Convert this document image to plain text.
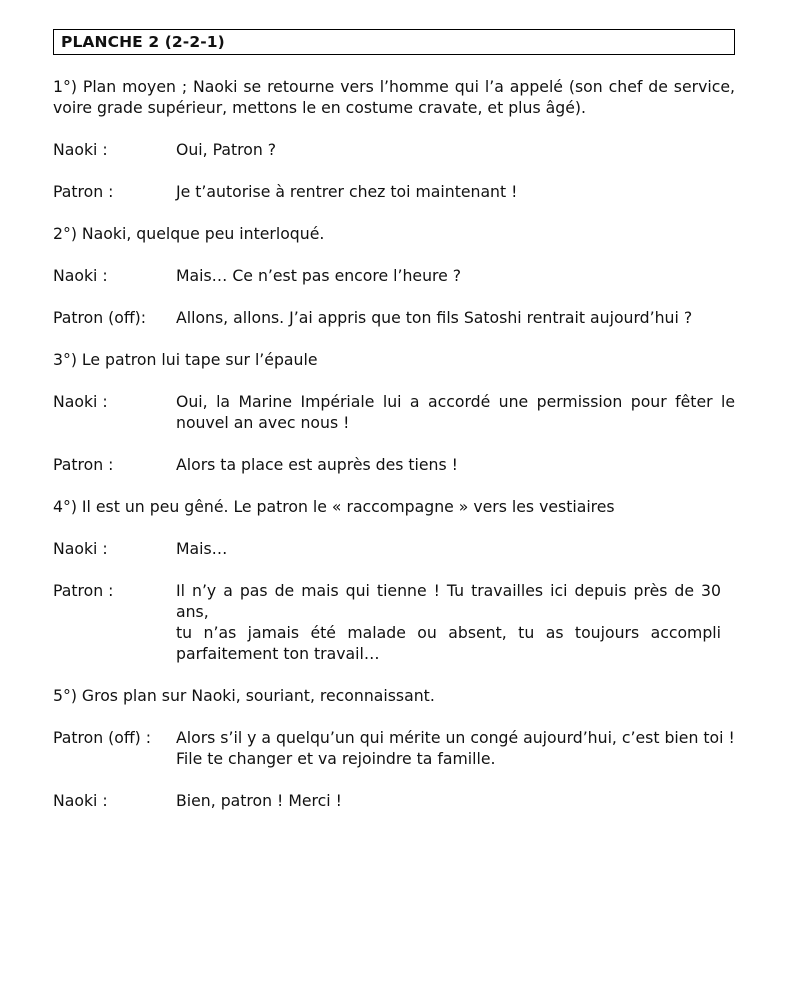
PLANCHE 2 (2-2-1)
1°) Plan moyen ; Naoki se retourne vers l’homme qui l’a appelé (son chef de service, voire grade supérieur, mettons le en costume cravate, et plus âgé).
Naoki :	Oui, Patron ?
Patron :	Je t’autorise à rentrer chez toi maintenant !
2°) Naoki, quelque peu interloqué.
Naoki :	Mais… Ce n’est pas encore l’heure ?
Patron (off):	Allons, allons. J’ai appris que ton fils Satoshi rentrait aujourd’hui ?
3°) Le patron lui tape sur l’épaule
Naoki :	Oui, la Marine Impériale lui a accordé une permission pour fêter le
nouvel an avec nous !
Patron :	Alors ta place est auprès des tiens !
4°) Il est un peu gêné. Le patron le « raccompagne » vers les vestiaires
Naoki :	Mais…
Patron :	Il n’y a pas de mais qui tienne ! Tu travailles ici depuis près de 30 ans,
tu n’as jamais été malade ou absent, tu as toujours accompli
parfaitement ton travail…
5°) Gros plan sur Naoki, souriant, reconnaissant.
Patron (off) :	Alors s’il y a quelqu’un qui mérite un congé aujourd’hui, c’est bien toi !
File te changer et va rejoindre ta famille.
Naoki :	Bien, patron ! Merci !
